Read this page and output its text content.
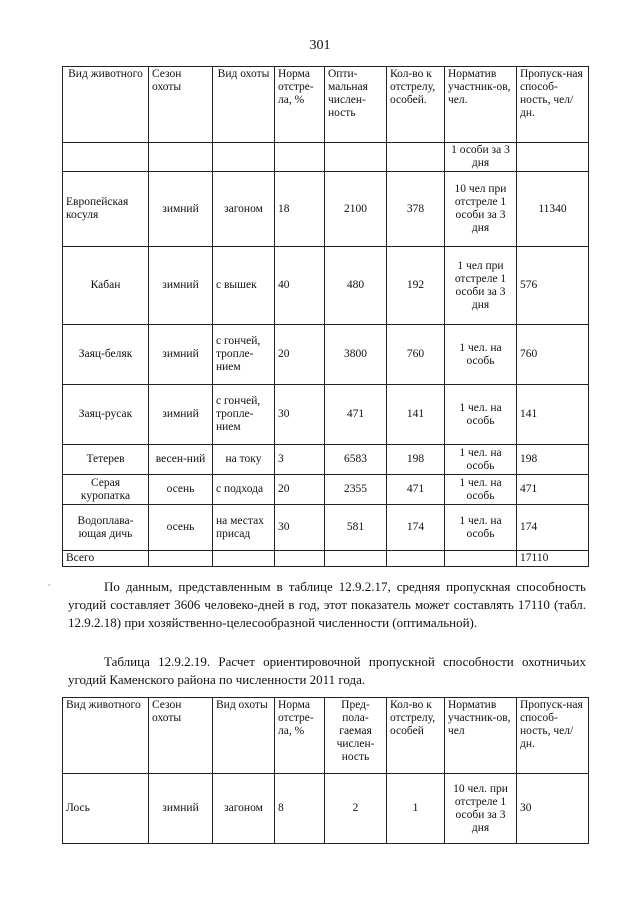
301
Вид животного	Сезон охоты	Вид охоты	Норма отстре-ла, %	Опти-мальная числен-ность	Кол-во к отстрелу, особей.	Норматив участник-ов, чел.	Пропуск-ная способ-ность, чел/дн.
						1 особи за 3 дня	
Европейская косуля	зимний	загоном	18	2100	378	10 чел при отстреле 1 особи за 3 дня	11340
Кабан	зимний	с вышек	40	480	192	1 чел при отстреле 1 особи за 3 дня	576
Заяц-беляк	зимний	с гончей, тропле-нием	20	3800	760	1 чел. на особь	760
Заяц-русак	зимний	с гончей, тропле-нием	30	471	141	1 чел. на особь	141
Тетерев	весен-ний	на току	3	6583	198	1 чел. на особь	198
Серая куропатка	осень	с подхода	20	2355	471	1 чел. на особь	471
Водоплава-ющая дичь	осень	на местах присад	30	581	174	1 чел. на особь	174
Всего							17110
,	По данным, представленным в таблице 12.9.2.17, средняя пропускная способность угодий составляет 3606 человеко-дней в год, этот показатель может составлять 17110 (табл. 12.9.2.18) при хозяйственно-целесообразной численности (оптимальной).

Таблица 12.9.2.19. Расчет ориентировочной пропускной способности охотничьих угодий Каменского района по численности 2011 года.

Вид животного	Сезон охоты	Вид охоты	Норма отстре-ла, %	Пред-пола-гаемая числен-ность	Кол-во к отстрелу, особей	Норматив участник-ов, чел	Пропуск-ная способ-ность, чел/дн.
Лось	зимний	загоном	8	2	1	10 чел. при отстреле 1 особи за 3 дня	30
